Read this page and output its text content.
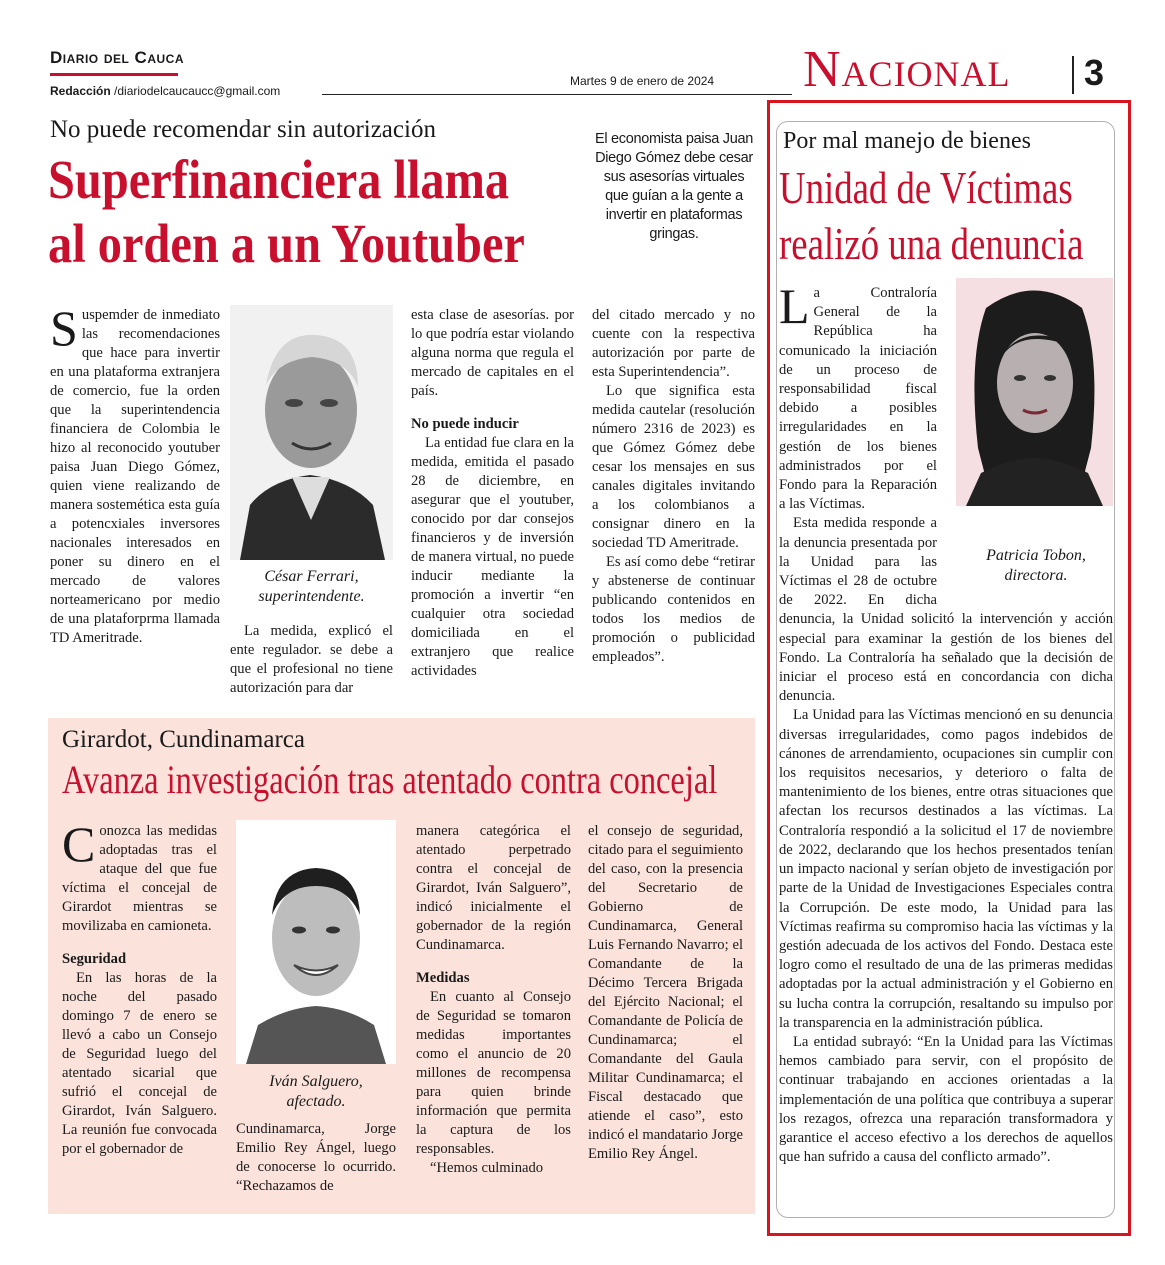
Diario del Cauca
Redacción /diariodelcaucaucc@gmail.com
Martes 9 de enero de 2024 Nacional 3
No puede recomendar sin autorización
Superfinanciera llama
al orden a un Youtuber
El economista paisa Juan Diego Gómez debe cesar sus asesorías virtuales que guían a la gente a invertir en plataformas gringas.
S uspemder de inmediato las recomendaciones que hace para invertir en una plataforma extranjera de comercio, fue la orden que la superintendencia financiera de Colombia le hizo al reconocido youtuber paisa Juan Diego Gómez, quien viene realizando de manera sostemética esta guía a potencxiales inversores nacionales interesados en poner su dinero en el mercado de valores norteamericano por medio de una plataforprma llamada TD Ameritrade.

César Ferrari,
superintendente.

La medida, explicó el ente regulador. se debe a que el profesional no tiene autorización para dar

esta clase de asesorías. por lo que podría estar violando alguna norma que regula el mercado de capitales en el país.

No puede inducir

La entidad fue clara en la medida, emitida el pasado 28 de diciembre, en asegurar que el youtuber, conocido por dar consejos financieros y de inversión de manera virtual, no puede inducir mediante la promoción a invertir “en cualquier otra sociedad domiciliada en el extranjero que realice actividades

del citado mercado y no cuente con la respectiva autorización por parte de esta Superintendencia”.

Lo que significa esta medida cautelar (resolución número 2316 de 2023) es que Gómez Gómez debe cesar los mensajes en sus canales digitales invitando a los colombianos a consignar dinero en la sociedad TD Ameritrade.

Es así como debe “retirar y abstenerse de continuar publicando contenidos en todos los medios de promoción o publicidad empleados”.

Girardot, Cundinamarca
Avanza investigación tras atentado contra concejal
C onozca las medidas adoptadas tras el ataque del que fue víctima el concejal de Girardot mientras se movilizaba en camioneta.

Seguridad

En las horas de la noche del pasado domingo 7 de enero se llevó a cabo un Consejo de Seguridad luego del atentado sicarial que sufrió el concejal de Girardot, Iván Salguero. La reunión fue convocada por el gobernador de

Iván Salguero,
afectado.

Cundinamarca, Jorge Emilio Rey Ángel, luego de conocerse lo ocurrido. “Rechazamos de

manera categórica el atentado perpetrado contra el concejal de Girardot, Iván Salguero”, indicó inicialmente el gobernador de la región Cundinamarca.

Medidas

En cuanto al Consejo de Seguridad se tomaron medidas importantes como el anuncio de 20 millones de recompensa para quien brinde información que permita la captura de los responsables.

“Hemos culminado

el consejo de seguridad, citado para el seguimiento del caso, con la presencia del Secretario de Gobierno de Cundinamarca, General Luis Fernando Navarro; el Comandante de la Décimo Tercera Brigada del Ejército Nacional; el Comandante de Policía de Cundinamarca; el Comandante del Gaula Militar Cundinamarca; el Fiscal destacado que atiende el caso”, esto indicó el mandatario Jorge Emilio Rey Ángel.

Por mal manejo de bienes
Unidad de Víctimas
realizó una denuncia
Patricia Tobon,
directora.
L a Contraloría General de la República ha comunicado la iniciación de un proceso de responsabilidad fiscal debido a posibles irregularidades en la gestión de los bienes administrados por el Fondo para la Reparación a las Víctimas.

Esta medida responde a la denuncia presentada por la Unidad para las Víctimas el 28 de octubre de 2022. En dicha denuncia, la Unidad solicitó la intervención y acción especial para examinar la gestión de los bienes del Fondo. La Contraloría ha señalado que la decisión de iniciar el proceso está en concordancia con dicha denuncia.

La Unidad para las Víctimas mencionó en su denuncia diversas irregularidades, como pagos indebidos de cánones de arrendamiento, ocupaciones sin cumplir con los requisitos necesarios, y deterioro o falta de mantenimiento de los bienes, entre otras situaciones que afectan los recursos destinados a las víctimas. La Contraloría respondió a la solicitud el 17 de noviembre de 2022, declarando que los hechos presentados tenían un impacto nacional y serían objeto de investigación por parte de la Unidad de Investigaciones Especiales contra la Corrupción. De este modo, la Unidad para las Víctimas reafirma su compromiso hacia las víctimas y la gestión adecuada de los activos del Fondo. Destaca este logro como el resultado de una de las primeras medidas adoptadas por la actual administración y el Gobierno en su lucha contra la corrupción, resaltando su impulso por la transparencia en la administración pública.

La entidad subrayó: “En la Unidad para las Víctimas hemos cambiado para servir, con el propósito de continuar trabajando en acciones orientadas a la implementación de una política que contribuya a superar los rezagos, ofrezca una reparación transformadora y garantice el acceso efectivo a los derechos de aquellos que han sufrido a causa del conflicto armado”.
